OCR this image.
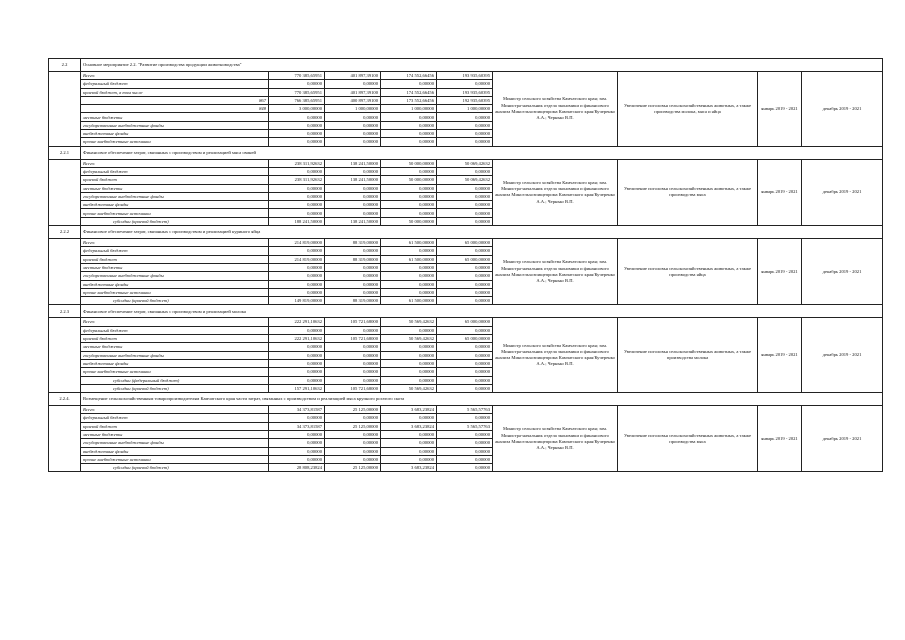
2.2	Основное мероприятие 2.2. "Развитие производства продукции животноводства"								
	Всего:	770 385,65951	401 897,39100	174 552,66456	193 935,60395	Министр сельского хозяйства Камчатского края; зам. Министра-начальник отдела экономики и финансового анализа Минсельхозпищепрома Камчатского края/Кучеренко А.А.; Чернько В.П.	Увеличение поголовья сельскохозяйственных животных, а также производства молока, мяса и яйца	январь 2019 - 2021	декабрь 2019 - 2021
	федеральный бюджет	0,00000	0,00000	0,00000	0,00000				
	краевой бюджет, в том числе	770 385,65951	401 897,39100	174 552,66456	193 935,60395				
	867	766 385,65951	400 897,39100	173 552,66456	192 935,60395				
	848	3 000,00000	1 000,00000	1 000,00000	1 000,00000				
	местные бюджеты	0,00000	0,00000	0,00000	0,00000				
	государственные внебюджетные фонды	0,00000	0,00000	0,00000	0,00000				
	внебюджетные фонды	0,00000	0,00000	0,00000	0,00000				
	прочие внебюджетные источники	0,00000	0,00000	0,00000	0,00000				
2.2.1	Финансовое обеспечение затрат, связанных с производством и реализацией мяса свиней								
	Всего:	238 311,92632	138 241,50000	50 000,00000	50 069,42632	Министр сельского хозяйства Камчатского края; зам. Министра-начальник отдела экономики и финансового анализа Минсельхозпищепрома Камчатского края/Кучеренко А.А.; Чернько В.П.	Увеличение поголовья сельскохозяйственных животных, а также производства мяса	январь 2019 - 2021	декабрь 2019 - 2021
	федеральный бюджет	0,00000	0,00000	0,00000	0,00000				
	краевой бюджет	238 311,92632	138 241,50000	50 000,00000	50 069,42632				
	местные бюджеты	0,00000	0,00000	0,00000	0,00000				
	государственные внебюджетные фонды	0,00000	0,00000	0,00000	0,00000				
	внебюджетные фонды	0,00000	0,00000	0,00000	0,00000				
	прочие внебюджетные источники	0,00000	0,00000	0,00000	0,00000				
	субсидии (краевой бюджет)	188 241,50000	138 241,50000	50 000,00000	0,00000				
2.2.2	Финансовое обеспечение затрат, связанных с производством и реализацией куриного яйца								
	Всего:	214 819,00000	88 319,00000	61 500,00000	65 000,00000	Министр сельского хозяйства Камчатского края; зам. Министра-начальник отдела экономики и финансового анализа Минсельхозпищепрома Камчатского края/Кучеренко А.А.; Чернько В.П.	Увеличение поголовья сельскохозяйственных животных, а также производства яйца	январь 2019 - 2021	декабрь 2019 - 2021
	федеральный бюджет	0,00000	0,00000	0,00000	0,00000				
	краевой бюджет	214 819,00000	88 319,00000	61 500,00000	65 000,00000				
	местные бюджеты	0,00000	0,00000	0,00000	0,00000				
	государственные внебюджетные фонды	0,00000	0,00000	0,00000	0,00000				
	внебюджетные фонды	0,00000	0,00000	0,00000	0,00000				
	прочие внебюджетные источники	0,00000	0,00000	0,00000	0,00000				
	субсидии (краевой бюджет)	149 819,00000	88 319,00000	61 500,00000	0,00000				
2.2.3	Финансовое обеспечение затрат, связанных с производством и реализацией молока								
	Всего:	222 291,10632	105 721,68000	50 569,42632	65 000,00000	Министр сельского хозяйства Камчатского края; зам. Министра-начальник отдела экономики и финансового анализа Минсельхозпищепрома Камчатского края/Кучеренко А.А.; Чернько В.П.	Увеличение поголовья сельскохозяйственных животных, а также производства молока	январь 2019 - 2021	декабрь 2019 - 2021
	федеральный бюджет	0,00000	0,00000	0,00000	0,00000				
	краевой бюджет	222 291,10632	105 721,68000	50 569,42632	65 000,00000				
	местные бюджеты	0,00000	0,00000	0,00000	0,00000				
	государственные внебюджетные фонды	0,00000	0,00000	0,00000	0,00000				
	внебюджетные фонды	0,00000	0,00000	0,00000	0,00000				
	прочие внебюджетные источники	0,00000	0,00000	0,00000	0,00000				
	субсидии (федеральный бюджет)	0,00000	0,00000	0,00000	0,00000				
	субсидии (краевой бюджет)	157 291,10632	105 721,68000	50 569,42632	0,00000				
2.2.4.	Возмещение сельскохозяйственным товаропроизводителям Камчатского края части затрат, связанных с производством и реализацией мяса крупного рогатого скота								
	Всего:	34 373,81587	25 125,00000	3 683,23824	5 565,57763	Министр сельского хозяйства Камчатского края; зам. Министра-начальник отдела экономики и финансового анализа Минсельхозпищепрома Камчатского края/Кучеренко А.А.; Чернько В.П.	Увеличение поголовья сельскохозяйственных животных, а также производства мяса	январь 2019 - 2021	декабрь 2019 - 2021
	федеральный бюджет	0,00000	0,00000	0,00000	0,00000				
	краевой бюджет	34 373,81587	25 125,00000	3 683,23824	5 565,57763				
	местные бюджеты	0,00000	0,00000	0,00000	0,00000				
	государственные внебюджетные фонды	0,00000	0,00000	0,00000	0,00000				
	внебюджетные фонды	0,00000	0,00000	0,00000	0,00000				
	прочие внебюджетные источники	0,00000	0,00000	0,00000	0,00000				
	субсидии (краевой бюджет)	28 808,23824	25 125,00000	3 683,23824	0,00000				
